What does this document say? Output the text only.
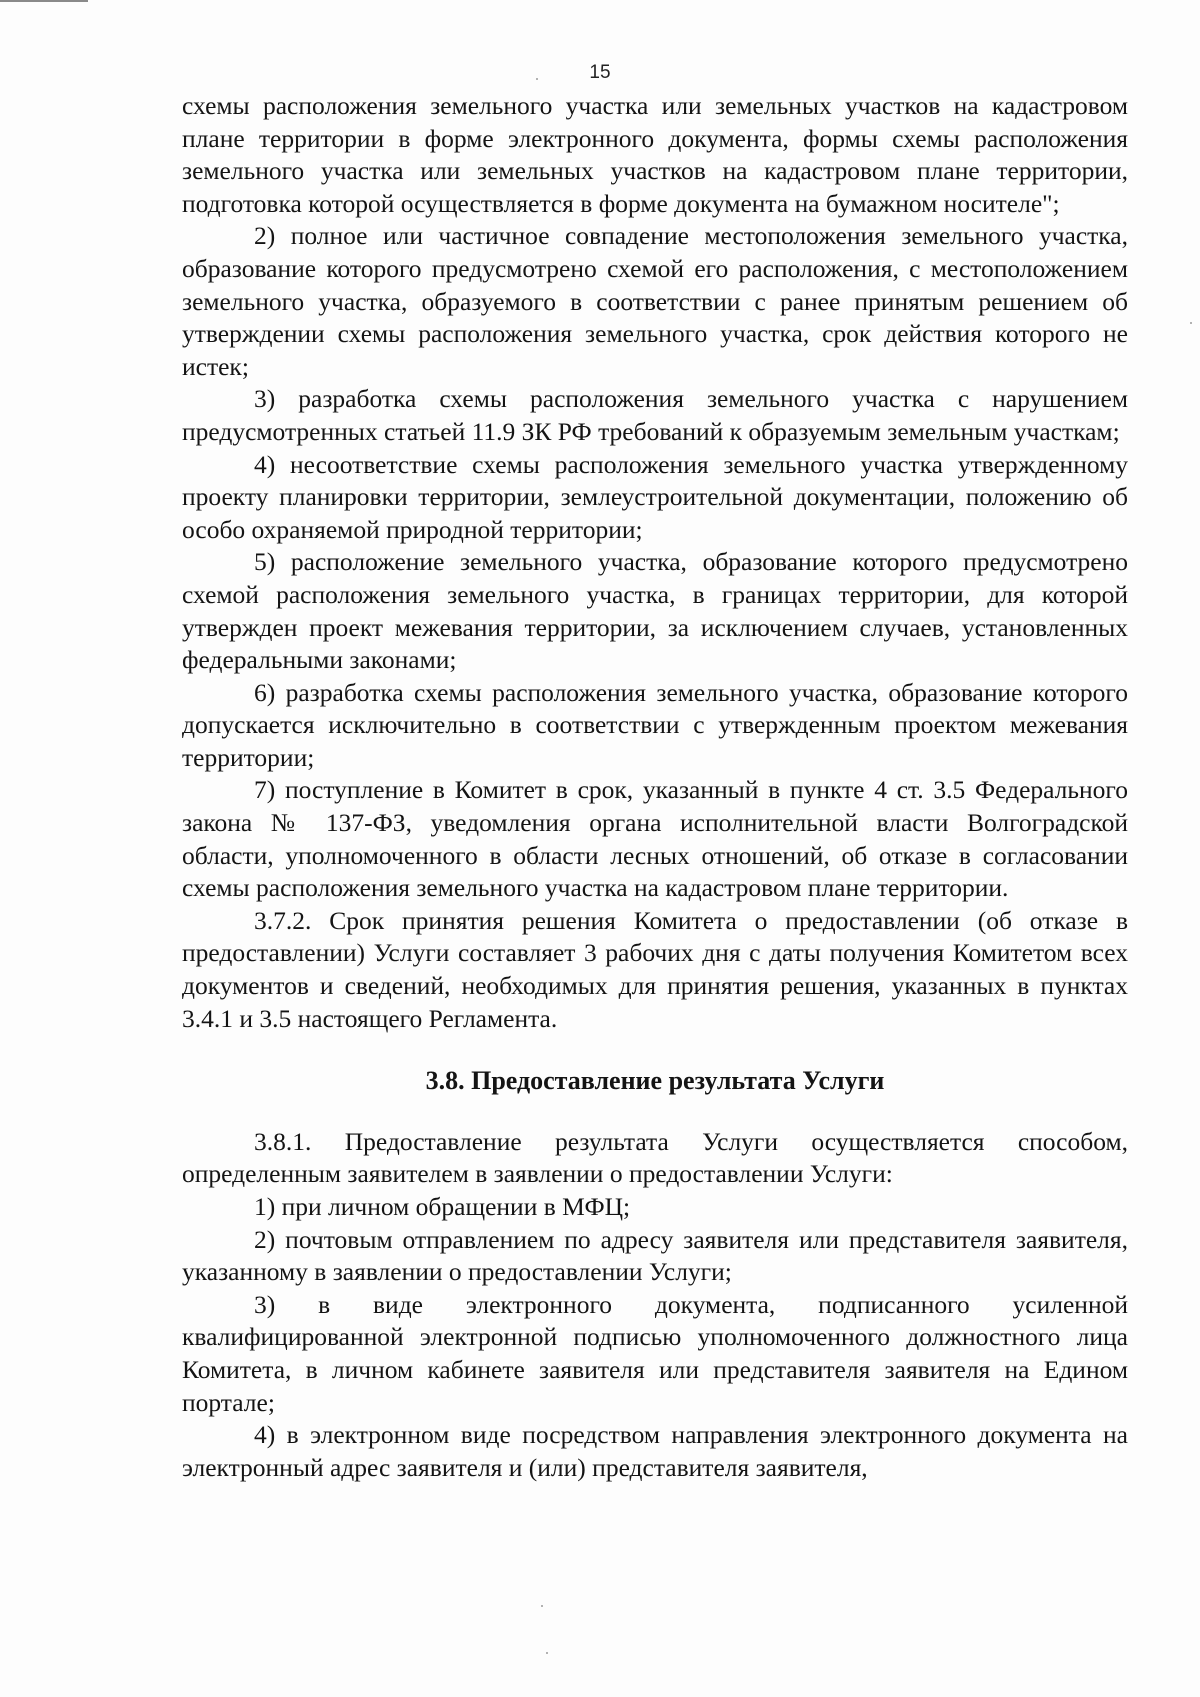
15

схемы расположения земельного участка или земельных участков на кадастровом плане территории в форме электронного документа, формы схемы расположения земельного участка или земельных участков на кадастровом плане территории, подготовка которой осуществляется в форме документа на бумажном носителе";

2) полное или частичное совпадение местоположения земельного участка, образование которого предусмотрено схемой его расположения, с местоположением земельного участка, образуемого в соответствии с ранее принятым решением об утверждении схемы расположения земельного участка, срок действия которого не истек;

3) разработка схемы расположения земельного участка с нарушением предусмотренных статьей 11.9 ЗК РФ требований к образуемым земельным участкам;

4) несоответствие схемы расположения земельного участка утвержденному проекту планировки территории, землеустроительной документации, положению об особо охраняемой природной территории;

5) расположение земельного участка, образование которого предусмотрено схемой расположения земельного участка, в границах территории, для которой утвержден проект межевания территории, за исключением случаев, установленных федеральными законами;

6) разработка схемы расположения земельного участка, образование которого допускается исключительно в соответствии с утвержденным проектом межевания территории;

7) поступление в Комитет в срок, указанный в пункте 4 ст. 3.5 Федерального закона № 137-ФЗ, уведомления органа исполнительной власти Волгоградской области, уполномоченного в области лесных отношений, об отказе в согласовании схемы расположения земельного участка на кадастровом плане территории.

3.7.2. Срок принятия решения Комитета о предоставлении (об отказе в предоставлении) Услуги составляет 3 рабочих дня с даты получения Комитетом всех документов и сведений, необходимых для принятия решения, указанных в пунктах 3.4.1 и 3.5 настоящего Регламента.

3.8. Предоставление результата Услуги

3.8.1. Предоставление результата Услуги осуществляется способом, определенным заявителем в заявлении о предоставлении Услуги:

1) при личном обращении в МФЦ;

2) почтовым отправлением по адресу заявителя или представителя заявителя, указанному в заявлении о предоставлении Услуги;

3) в виде электронного документа, подписанного усиленной квалифицированной электронной подписью уполномоченного должностного лица Комитета, в личном кабинете заявителя или представителя заявителя на Едином портале;

4) в электронном виде посредством направления электронного документа на электронный адрес заявителя и (или) представителя заявителя,
